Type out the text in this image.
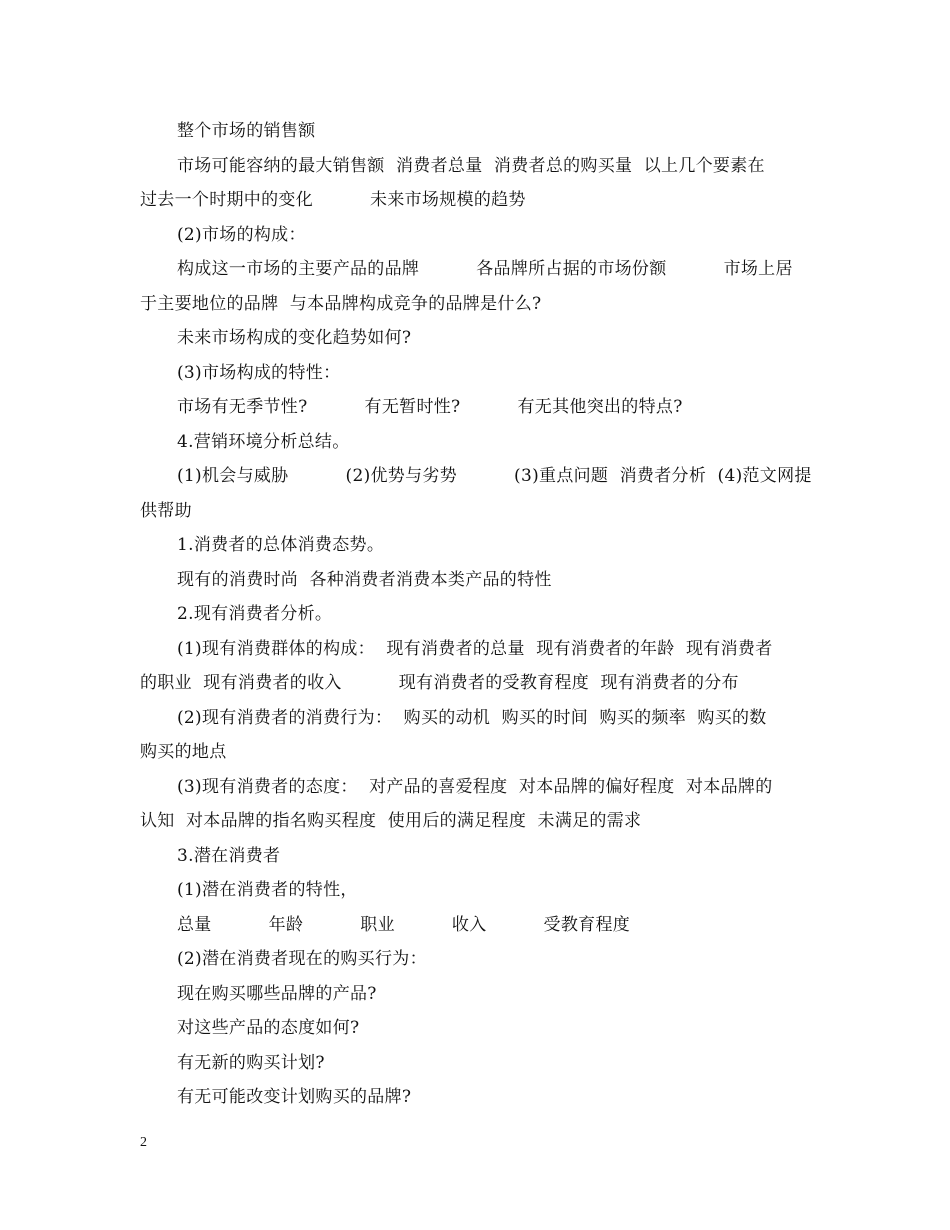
整个市场的销售额
市场可能容纳的最大销售额  消费者总量  消费者总的购买量  以上几个要素在
过去一个时期中的变化          未来市场规模的趋势
(2)市场的构成：
构成这一市场的主要产品的品牌          各品牌所占据的市场份额          市场上居
于主要地位的品牌  与本品牌构成竞争的品牌是什么?
未来市场构成的变化趋势如何?
(3)市场构成的特性：
市场有无季节性?          有无暂时性?          有无其他突出的特点?
4.营销环境分析总结。
(1)机会与威胁          (2)优势与劣势          (3)重点问题  消费者分析  (4)范文网提
供帮助
1.消费者的总体消费态势。
现有的消费时尚  各种消费者消费本类产品的特性
2.现有消费者分析。
(1)现有消费群体的构成：  现有消费者的总量  现有消费者的年龄  现有消费者
的职业  现有消费者的收入          现有消费者的受教育程度  现有消费者的分布
(2)现有消费者的消费行为：  购买的动机  购买的时间  购买的频率  购买的数
购买的地点
(3)现有消费者的态度：  对产品的喜爱程度  对本品牌的偏好程度  对本品牌的
认知  对本品牌的指名购买程度  使用后的满足程度  未满足的需求
3.潜在消费者
(1)潜在消费者的特性，
总量          年龄          职业          收入          受教育程度
(2)潜在消费者现在的购买行为：
现在购买哪些品牌的产品?
对这些产品的态度如何?
有无新的购买计划?
有无可能改变计划购买的品牌?
2
